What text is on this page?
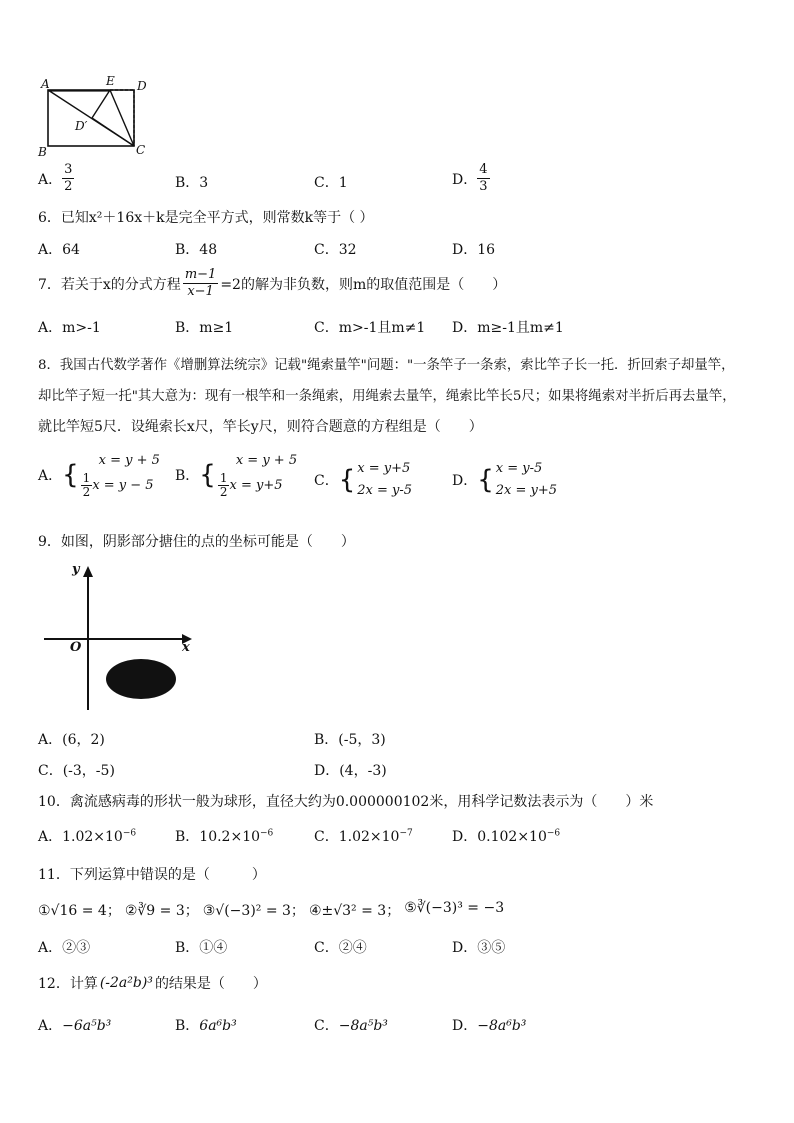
A	E D
D′
B	C
A． $\frac{3}{2}$	B．3	C．1	D． $\frac{4}{3}$
6．已知x²＋16x＋k是完全平方式，则常数k等于（ ）
A．64	B．48	C．32	D．16
7．若关于x的分式方程 $\frac{m-1}{x-1} =2$的解为非负数，则m的取值范围是（　　）
A．m>-1	B．m≥1	C．m>-1且m≠1 D．m≥-1且m≠1
8．我国古代数学著作《增删算法统宗》记载"绳索量竿"问题："一条竿子一条索，索比竿子长一托．折回索子却量竿，
却比竿子短一托"其大意为：现有一根竿和一条绳索，用绳索去量竿，绳索比竿长5尺；如果将绳索对半折后再去量竿，
就比竿短5尺．设绳索长x尺，竿长y尺，则符合题意的方程组是（　　）
A． { x = y + 5
$\frac{1}{2}$ x = y − 5
B． { x = y + 5
$\frac{1}{2}$ x = y+5 C． { x = y+5
2x = y-5
D． { x = y-5
2x = y+5
9．如图，阴影部分搪住的点的坐标可能是（　　）
y
x
O
A．(6，2)	B．(-5，3)
C．(-3，-5)	D．(4，-3)
10．禽流感病毒的形状一般为球形，直径大约为0.000000102米，用科学记数法表示为（　　）米
A．$1.02\times 10^{-6}$	B．$10.2\times 10^{-6}$	C．$1.02\times 10^{-7}$	D．$0.102\times 10^{-6}$
11．下列运算中错误的是（　　　）
①√16 = 4； ②∛9 = 3； ③√(−3)² = 3； ④±√3² = 3； ⑤∛(−3)³ = −3
A．②③	B．①④	C．②④	D．③⑤
12．计算 (-2a²b)³ 的结果是（　　）
A．−6a⁵b³	B．6a⁶b³	C．−8a⁵b³	D．−8a⁶b³
